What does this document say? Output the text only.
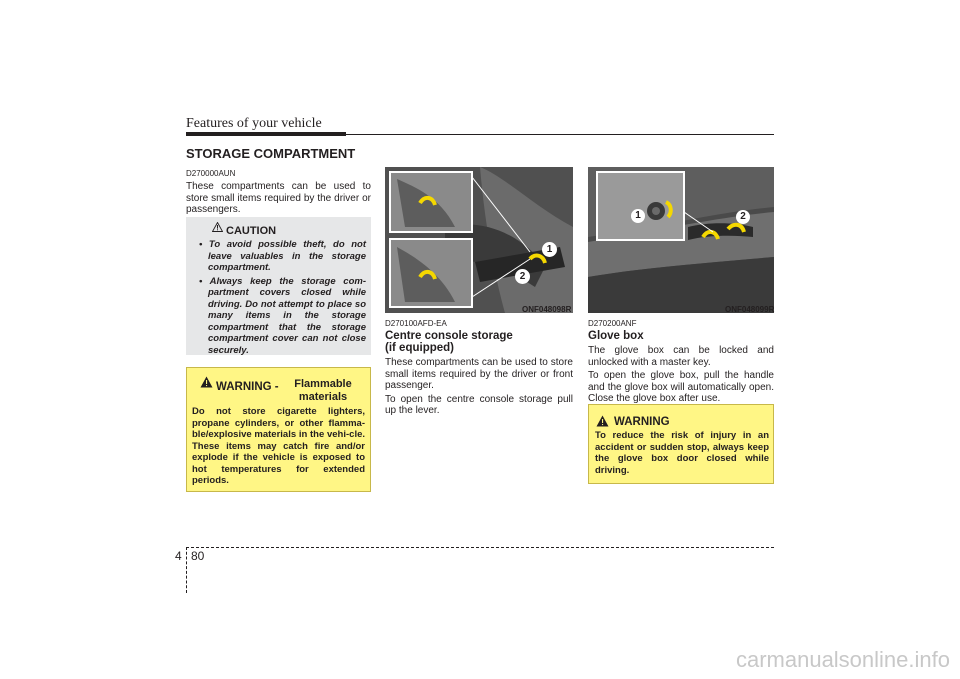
Features of your vehicle
STORAGE COMPARTMENT
D270000AUN

These compartments can be used to store small items required by the driver or passengers.

CAUTION
• To avoid possible theft, do not leave valuables in the storage compartment.
• Always keep the storage com-partment covers closed while driving. Do not attempt to place so many items in the storage compartment that the storage compartment cover can not close securely.
WARNING -	Flammable materials
Do not store cigarette lighters, propane cylinders, or other flamma-ble/explosive materials in the vehi-cle. These items may catch fire and/or explode if the vehicle is exposed to hot temperatures for extended periods.
1
2
ONF048098R
D270100AFD-EA
Centre console storage
(if equipped)

These compartments can be used to store small items required by the driver or front passenger.

To open the centre console storage pull up the lever.

1	2
ONF048099R
D270200ANF
Glove box

The glove box can be locked and unlocked with a master key.

To open the glove box, pull the handle and the glove box will automatically open. Close the glove box after use.

WARNING
To reduce the risk of injury in an accident or sudden stop, always keep the glove box door closed while driving.
4 80
carmanualsonline.info
